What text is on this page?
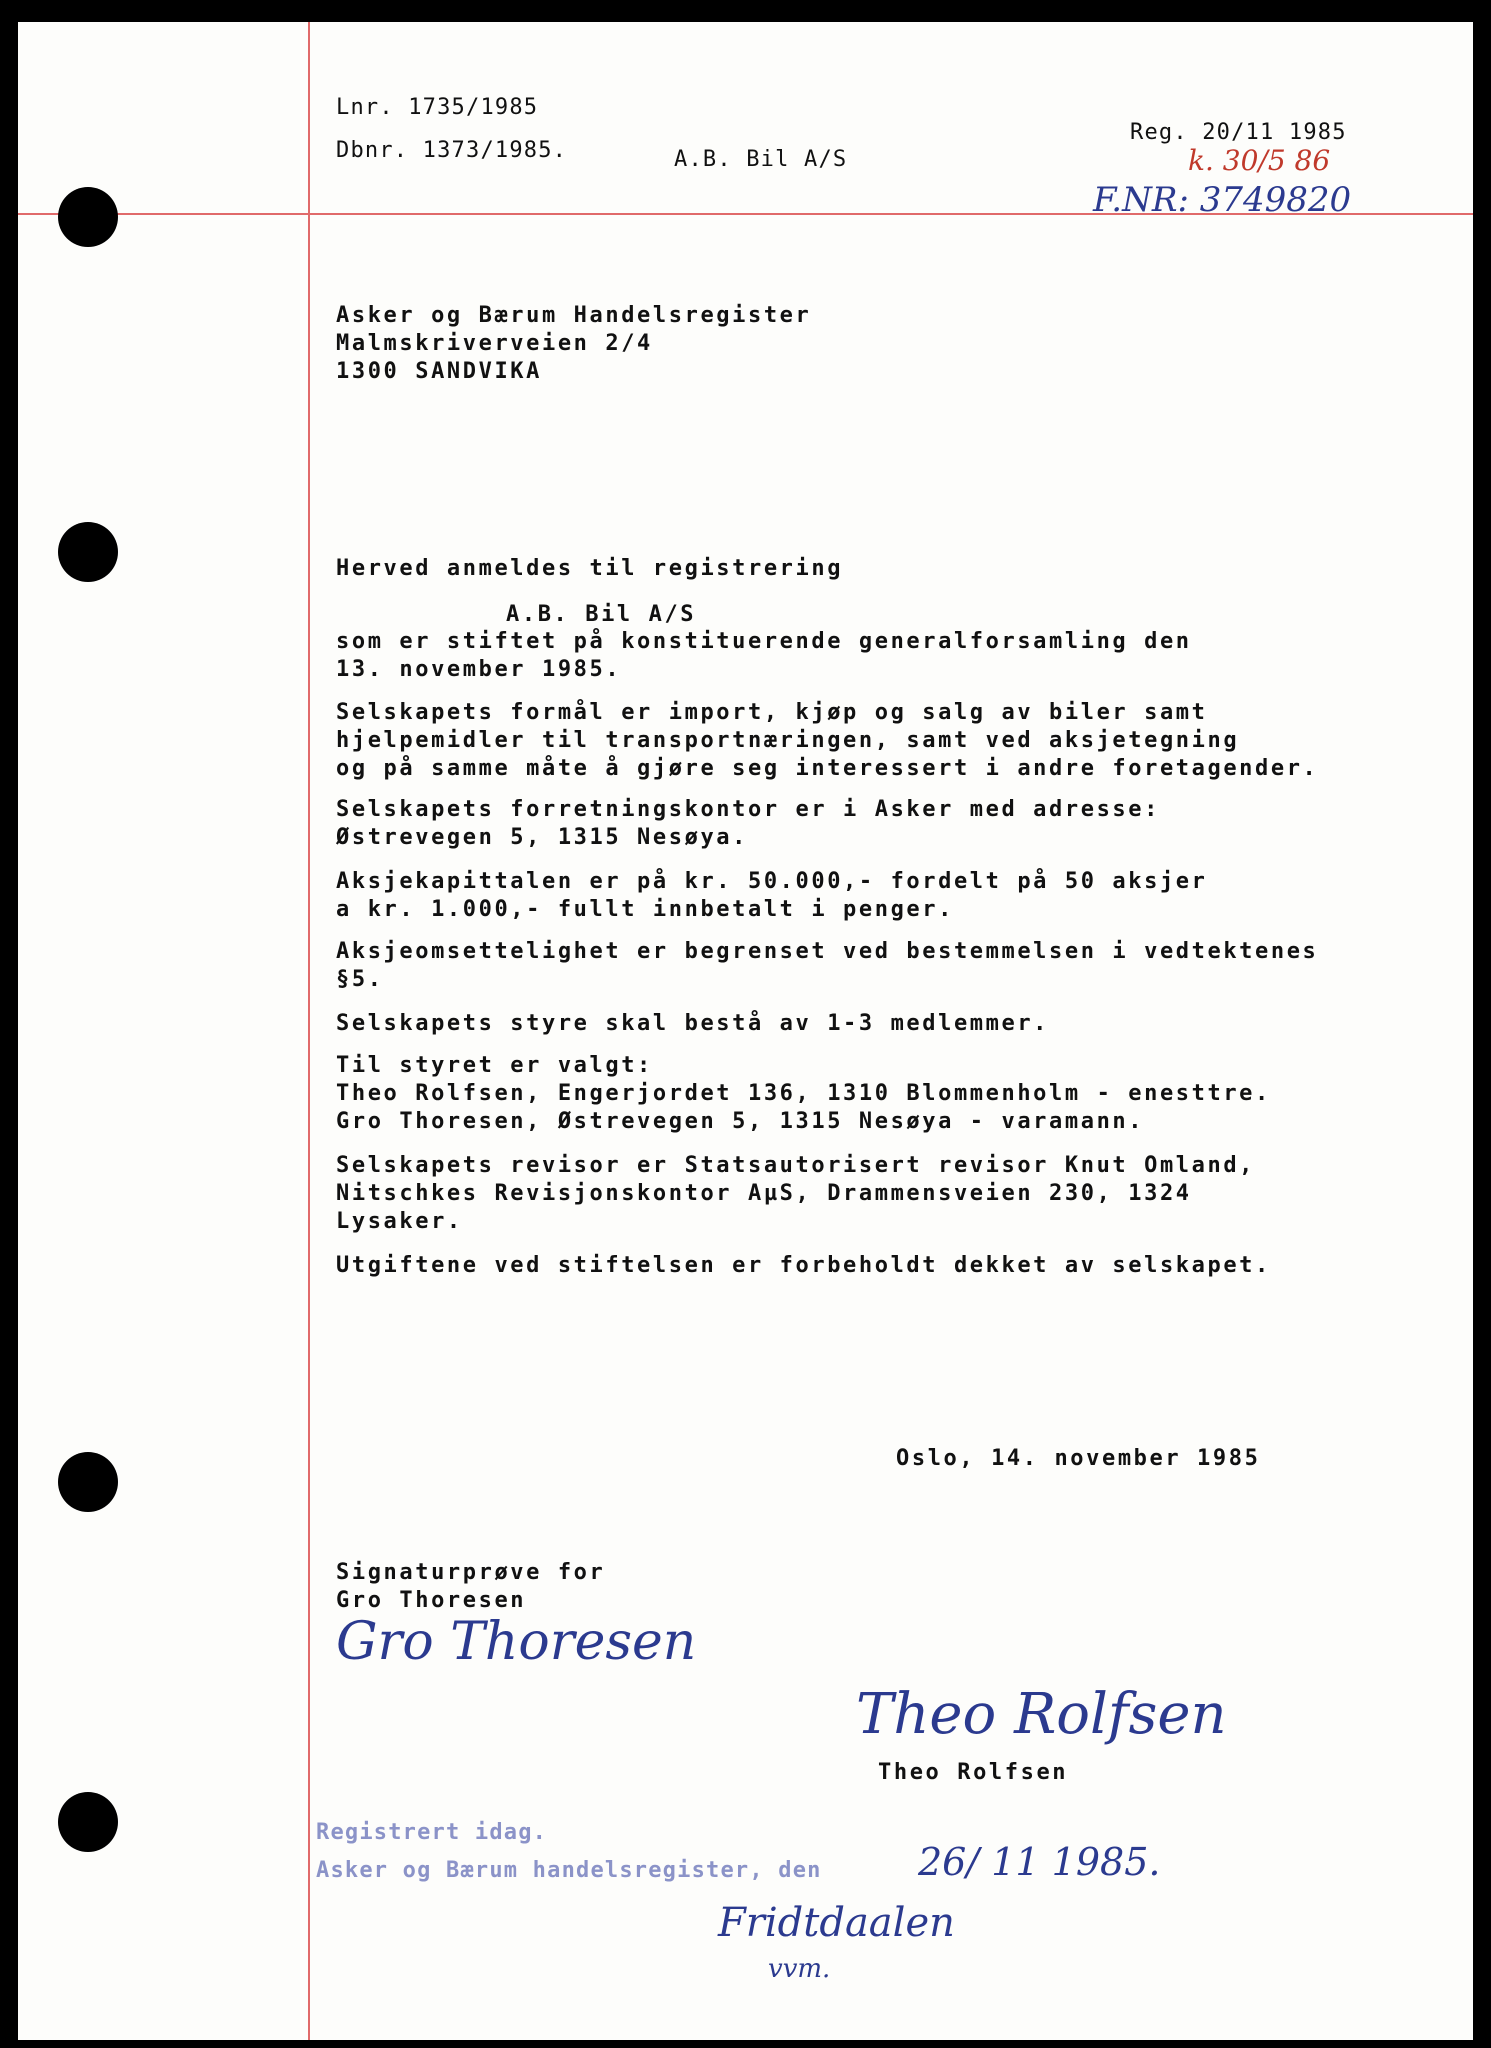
Lnr. 1735/1985
Dbnr. 1373/1985.	A.B. Bil A/S
Reg. 20/11 1985
k. 30/5 86
F.NR: 3749820
Asker og Bærum Handelsregister
Malmskriverveien 2/4
1300 SANDVIKA
Herved anmeldes til registrering
A.B. Bil A/S
som er stiftet på konstituerende generalforsamling den
13. november 1985.
Selskapets formål er import, kjøp og salg av biler samt
hjelpemidler til transportnæringen, samt ved aksjetegning
og på samme måte å gjøre seg interessert i andre foretagender.
Selskapets forretningskontor er i Asker med adresse:
Østrevegen 5, 1315 Nesøya.
Aksjekapittalen er på kr. 50.000,- fordelt på 50 aksjer
a kr. 1.000,- fullt innbetalt i penger.
Aksjeomsettelighet er begrenset ved bestemmelsen i vedtektenes
§5.
Selskapets styre skal bestå av 1-3 medlemmer.
Til styret er valgt:
Theo Rolfsen, Engerjordet 136, 1310 Blommenholm - enesttre.
Gro Thoresen, Østrevegen 5, 1315 Nesøya - varamann.
Selskapets revisor er Statsautorisert revisor Knut Omland,
Nitschkes Revisjonskontor AµS, Drammensveien 230, 1324
Lysaker.
Utgiftene ved stiftelsen er forbeholdt dekket av selskapet.
Oslo, 14. november 1985
Signaturprøve for
Gro Thoresen
Gro Thoresen
Theo Rolfsen
Theo Rolfsen
Registrert idag.
Asker og Bærum handelsregister, den	26/ 11 1985.
Fridtdaalen
vvm.
